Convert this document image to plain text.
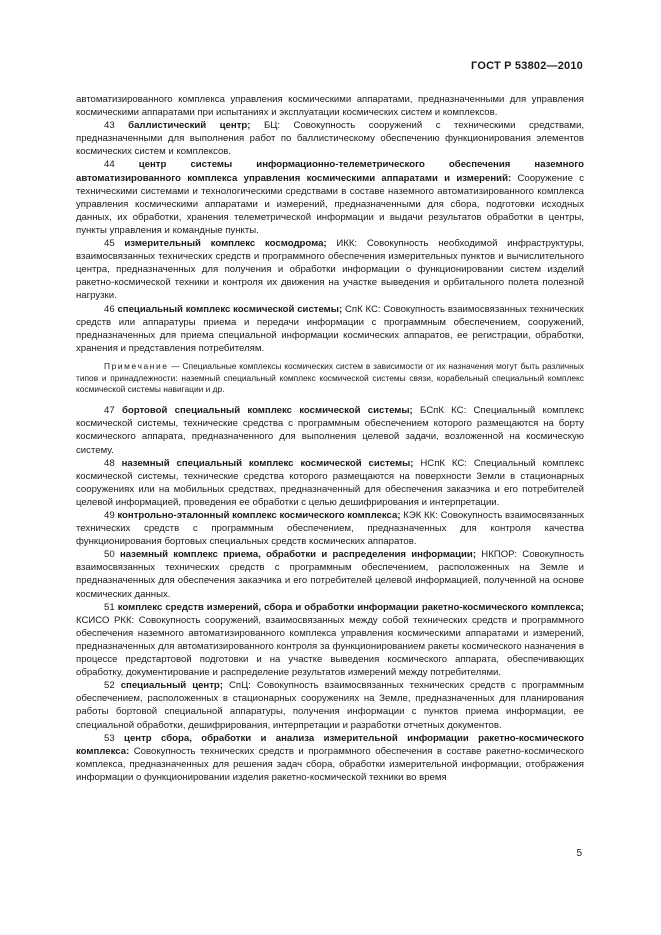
ГОСТ Р 53802—2010

автоматизированного комплекса управления космическими аппаратами, предназначенными для управления космическими аппаратами при испытаниях и эксплуатации космических систем и комплексов.

43 баллистический центр; БЦ: Совокупность сооружений с техническими средствами, предназначенными для выполнения работ по баллистическому обеспечению функционирования элементов космических систем и комплексов.

44	центр системы информационно-телеметрического обеспечения наземного автоматизированного комплекса управления космическими аппаратами и измерений: Сооружение с техническими системами и технологическими средствами в составе наземного автоматизированного комплекса управления космическими аппаратами и измерений, предназначенными для сбора, подготовки исходных данных, их обработки, хранения телеметрической информации и выдачи результатов обработки в центры, пункты управления и командные пункты.

45 измерительный комплекс космодрома; ИКК: Совокупность необходимой инфраструктуры, взаимосвязанных технических средств и программного обеспечения измерительных пунктов и вычислительного центра, предназначенных для получения и обработки информации о функционировании систем изделий ракетно-космической техники и контроля их движения на участке выведения и орбитального полета полезной нагрузки.

46 специальный комплекс космической системы; СпК КС: Совокупность взаимосвязанных технических средств или аппаратуры приема и передачи информации с программным обеспечением, сооружений, предназначенных для приема специальной информации космических аппаратов, ее регистрации, обработки, хранения и представления потребителям.

Примечание — Специальные комплексы космических систем в зависимости от их назначения могут быть различных типов и принадлежности: наземный специальный комплекс космической системы связи, корабельный специальный комплекс космической системы навигации и др.

47 бортовой специальный комплекс космической системы; БСпК КС: Специальный комплекс космической системы, технические средства с программным обеспечением которого размещаются на борту космического аппарата, предназначенного для выполнения целевой задачи, возложенной на космическую систему.

48 наземный специальный комплекс космической системы; НСпК КС: Специальный комплекс космической системы, технические средства которого размещаются на поверхности Земли в стационарных сооружениях или на мобильных средствах, предназначенный для обеспечения заказчика и его потребителей целевой информацией, проведения ее обработки с целью дешифрирования и интерпретации.

49 контрольно-эталонный комплекс космического комплекса; КЭК КК: Совокупность взаимосвязанных технических средств с программным обеспечением, предназначенных для контроля качества функционирования бортовых специальных средств космических аппаратов.

50 наземный комплекс приема, обработки и распределения информации; НКПОР: Совокупность взаимосвязанных технических средств с программным обеспечением, расположенных на Земле и предназначенных для обеспечения заказчика и его потребителей целевой информацией, полученной на основе космических данных.

51 комплекс средств измерений, сбора и обработки информации ракетно-космического комплекса; КСИСО РКК: Совокупность сооружений, взаимосвязанных между собой технических средств и программного обеспечения наземного автоматизированного комплекса управления космическими аппаратами и измерений, предназначенных для автоматизированного контроля за функционированием ракеты космического назначения в процессе предстартовой подготовки и на участке выведения космического аппарата, обеспечивающих обработку, документирование и распределение результатов измерений между потребителями.

52 специальный центр; СпЦ: Совокупность взаимосвязанных технических средств с программным обеспечением, расположенных в стационарных сооружениях на Земле, предназначенных для планирования работы бортовой специальной аппаратуры, получения информации с пунктов приема информации, ее специальной обработки, дешифрирования, интерпретации и разработки отчетных документов.

53 центр сбора, обработки и анализа измерительной информации ракетно-космического комплекса: Совокупность технических средств и программного обеспечения в составе ракетно-космического комплекса, предназначенных для решения задач сбора, обработки измерительной информации, отображения информации о функционировании изделия ракетно-космической техники во время

5
